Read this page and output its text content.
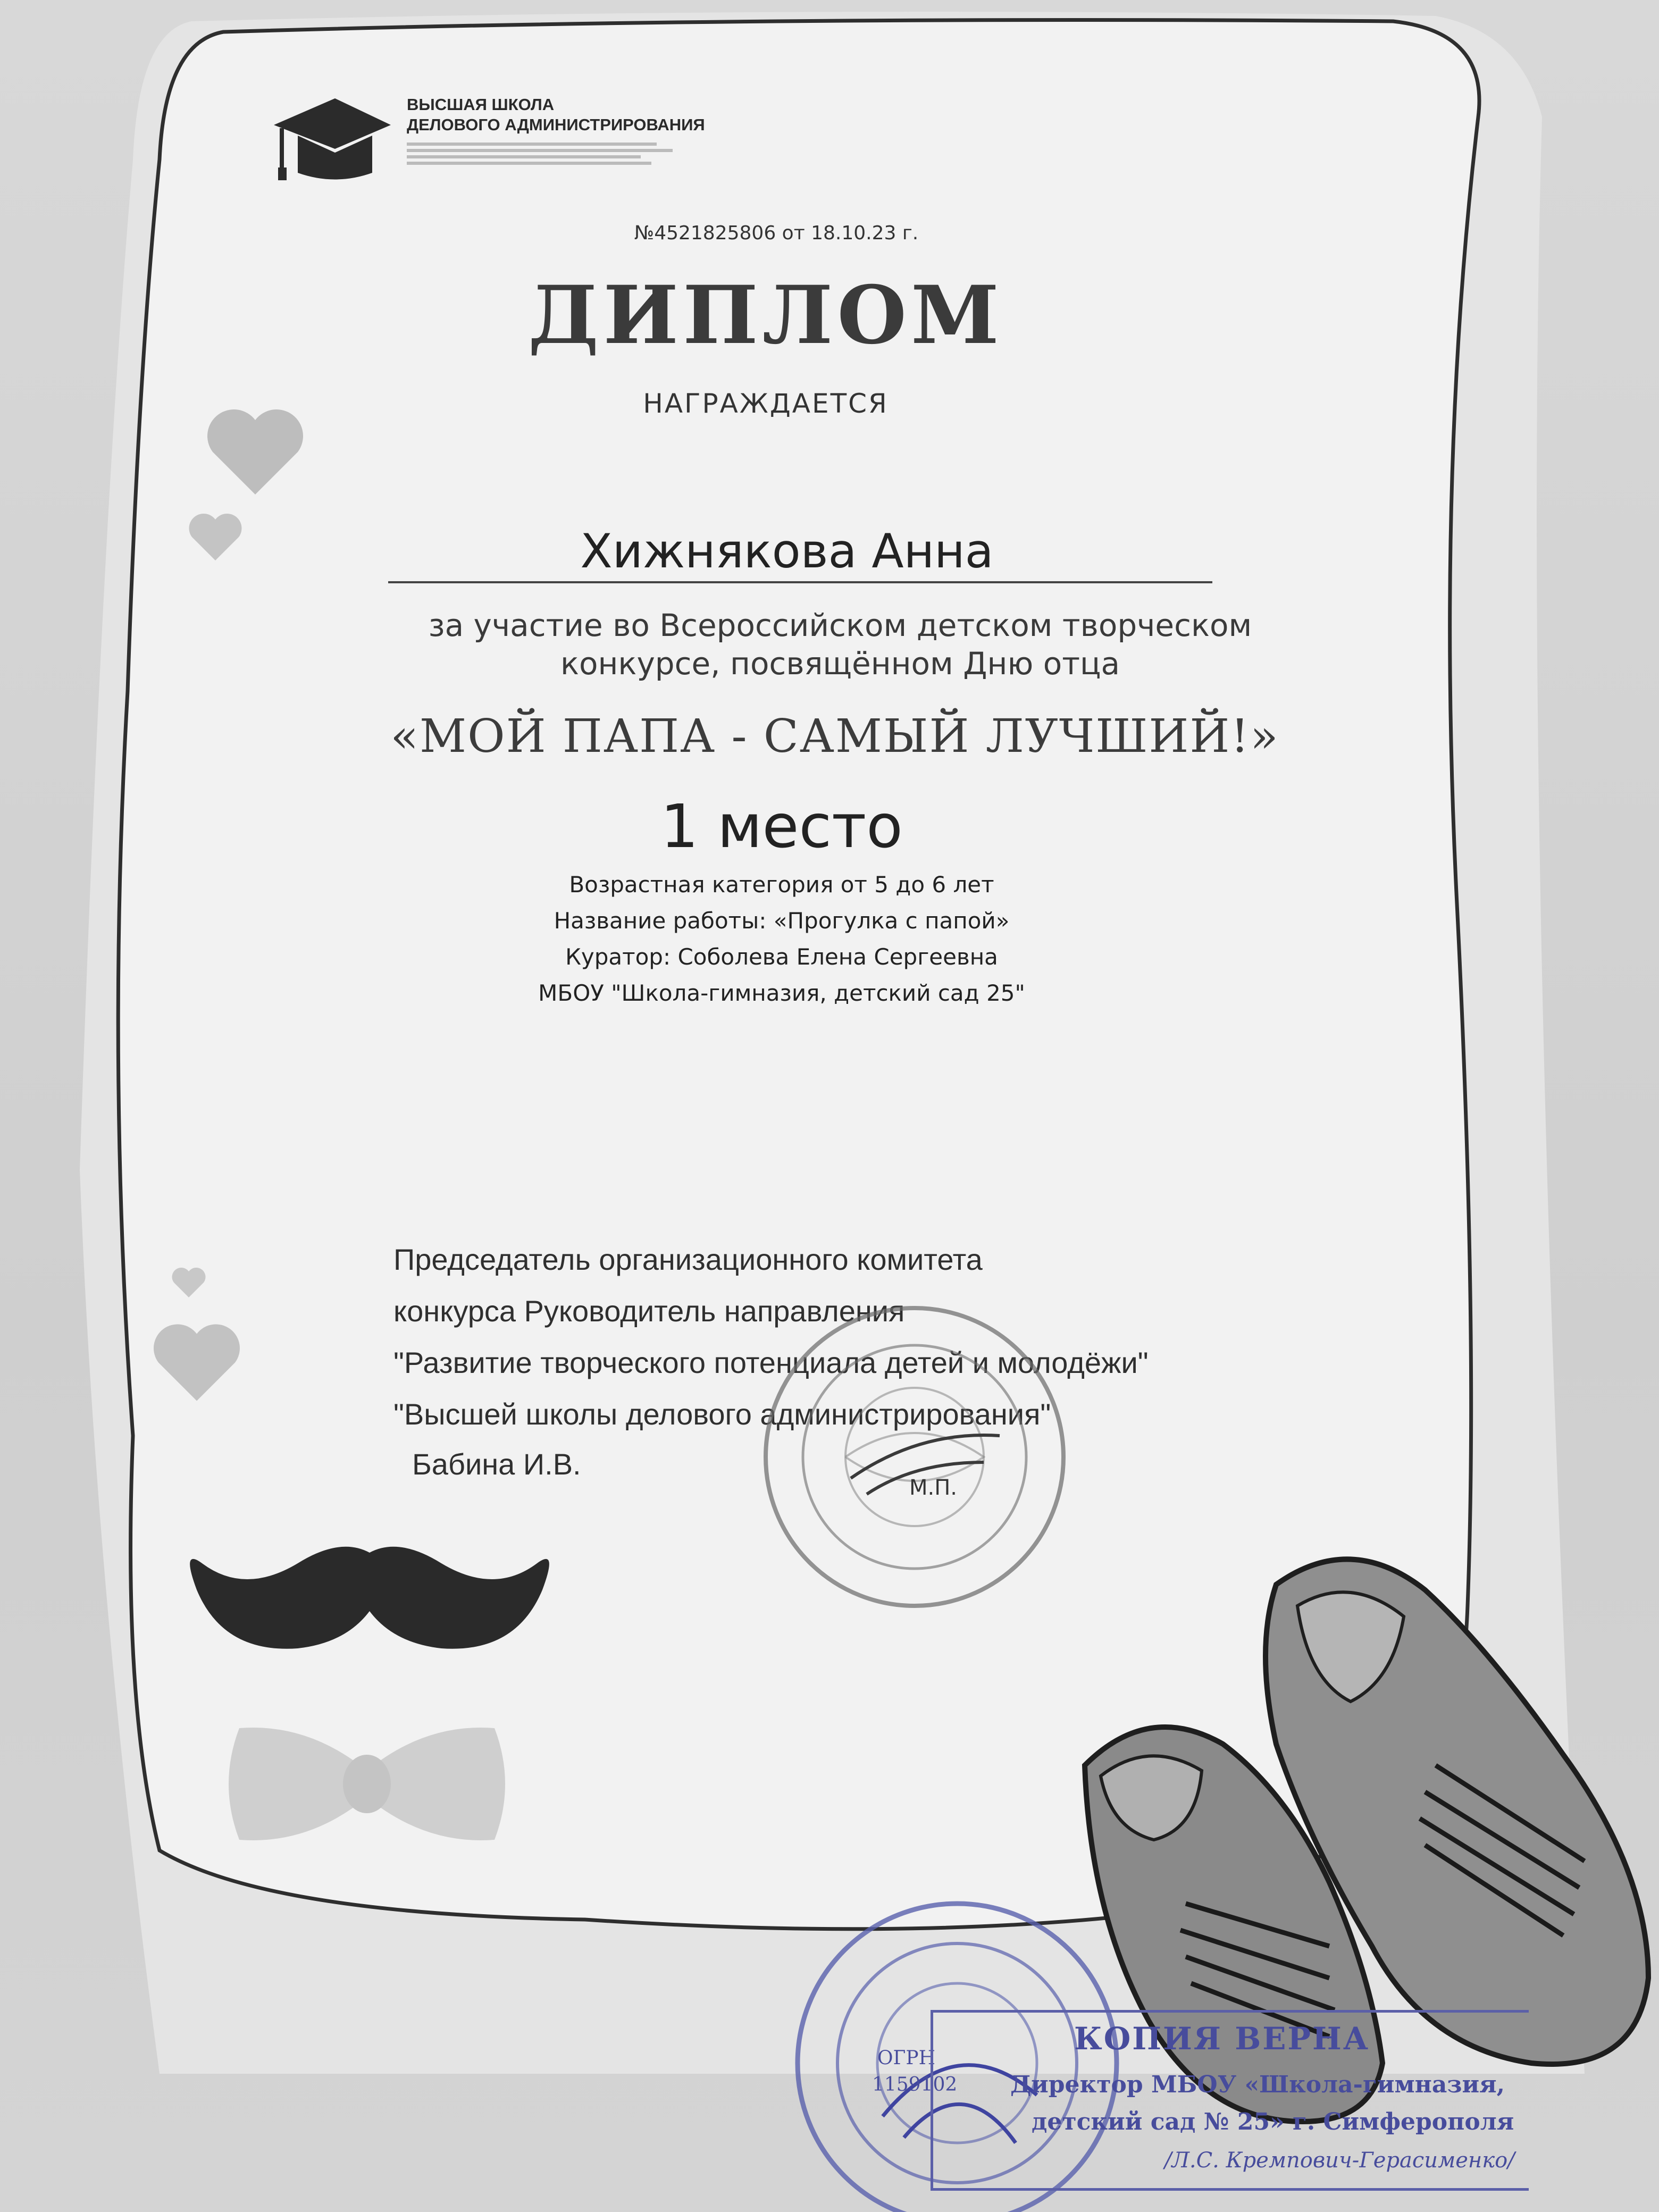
ВЫСШАЯ ШКОЛА
ДЕЛОВОГО АДМИНИСТРИРОВАНИЯ
№4521825806 от 18.10.23 г.
ДИПЛОМ
НАГРАЖДАЕТСЯ
Хижнякова Анна
за участие во Всероссийском детском творческом
конкурсе, посвящённом Дню отца
«МОЙ ПАПА - САМЫЙ ЛУЧШИЙ!»
1 место
Возрастная категория от 5 до 6 лет
Название работы: «Прогулка с папой»
Куратор: Соболева Елена Сергеевна
МБОУ "Школа-гимназия, детский сад 25"
Председатель организационного комитета
конкурса Руководитель направления
"Развитие творческого потенциала детей и молодёжи"
"Высшей школы делового администрирования"
Бабина И.В.
М.П.
ОГРН
1159102
КОПИЯ ВЕРНА
Директор МБОУ «Школа-гимназия,
детский сад № 25» г. Симферополя
/Л.С. Кремпович-Герасименко/
